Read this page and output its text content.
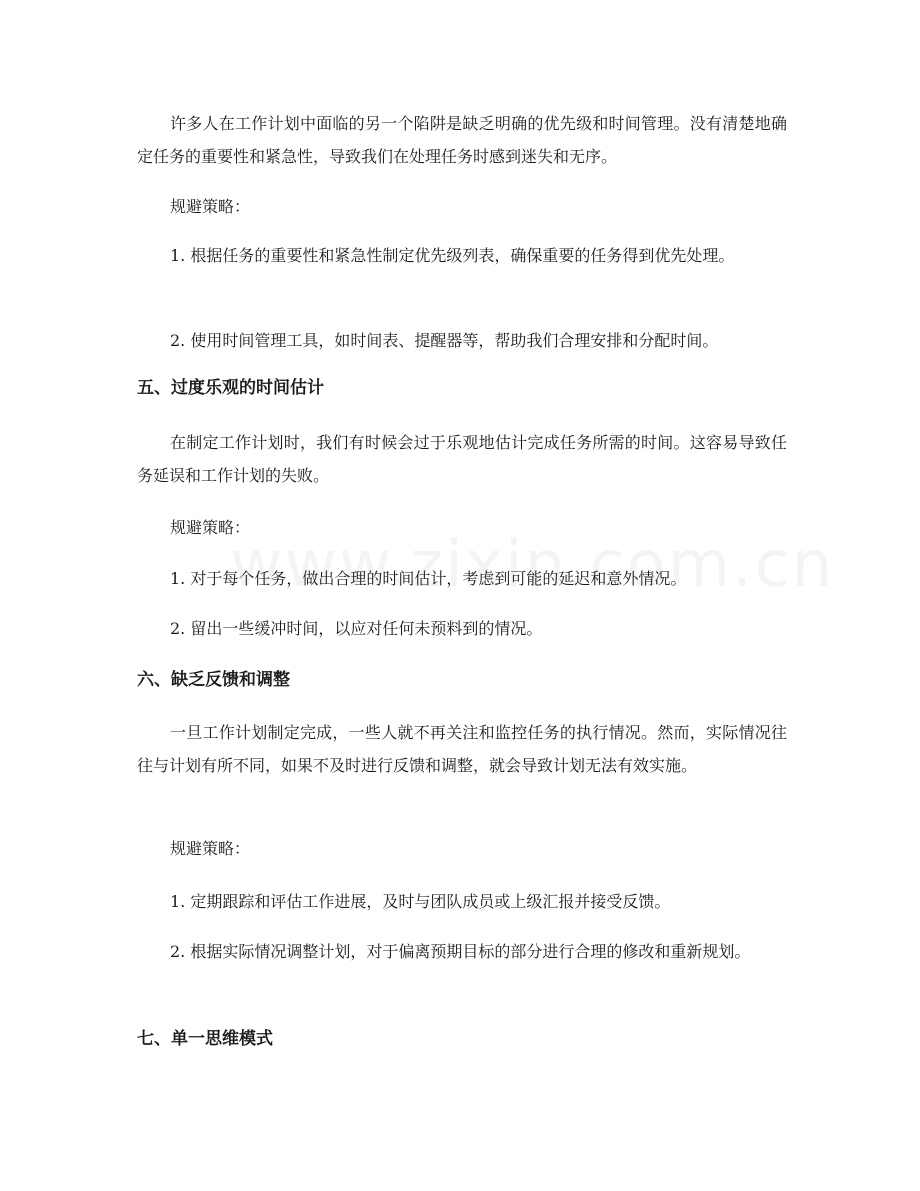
许多人在工作计划中面临的另一个陷阱是缺乏明确的优先级和时间管理。没有清楚地确定任务的重要性和紧急性，导致我们在处理任务时感到迷失和无序。

规避策略：

1. 根据任务的重要性和紧急性制定优先级列表，确保重要的任务得到优先处理。

2. 使用时间管理工具，如时间表、提醒器等，帮助我们合理安排和分配时间。

五、过度乐观的时间估计

在制定工作计划时，我们有时候会过于乐观地估计完成任务所需的时间。这容易导致任务延误和工作计划的失败。

规避策略：

1. 对于每个任务，做出合理的时间估计，考虑到可能的延迟和意外情况。

2. 留出一些缓冲时间，以应对任何未预料到的情况。

六、缺乏反馈和调整

一旦工作计划制定完成，一些人就不再关注和监控任务的执行情况。然而，实际情况往往与计划有所不同，如果不及时进行反馈和调整，就会导致计划无法有效实施。

规避策略：

1. 定期跟踪和评估工作进展，及时与团队成员或上级汇报并接受反馈。

2. 根据实际情况调整计划，对于偏离预期目标的部分进行合理的修改和重新规划。

七、单一思维模式
